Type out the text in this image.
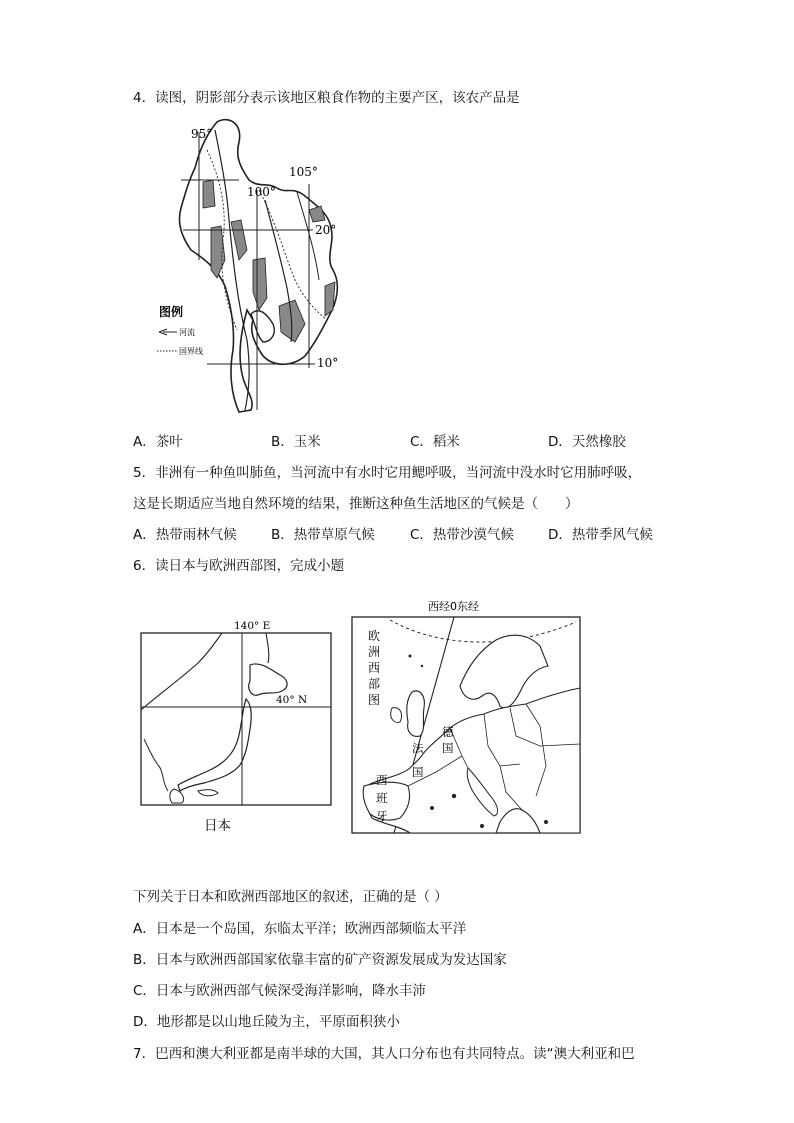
4．读图，阴影部分表示该地区粮食作物的主要产区，该农产品是
95°
100°
105°
20°
10°
图例
河流
国界线
A．茶叶	B．玉米	C．稻米	D．天然橡胶
5．非洲有一种鱼叫肺鱼，当河流中有水时它用鳃呼吸，当河流中没水时它用肺呼吸，
这是长期适应当地自然环境的结果，推断这种鱼生活地区的气候是（　　）
A．热带雨林气候	B．热带草原气候	C．热带沙漠气候	D．热带季风气候
6．读日本与欧洲西部图，完成小题
140° E
40° N
日本
西经0东经
欧
洲
西
部
图
德
国
法
国
西
班
牙
下列关于日本和欧洲西部地区的叙述，正确的是（ ）
A．日本是一个岛国，东临太平洋；欧洲西部频临太平洋
B．日本与欧洲西部国家依靠丰富的矿产资源发展成为发达国家
C．日本与欧洲西部气候深受海洋影响，降水丰沛
D．地形都是以山地丘陵为主，平原面积狭小
7．巴西和澳大利亚都是南半球的大国，其人口分布也有共同特点。读“澳大利亚和巴
